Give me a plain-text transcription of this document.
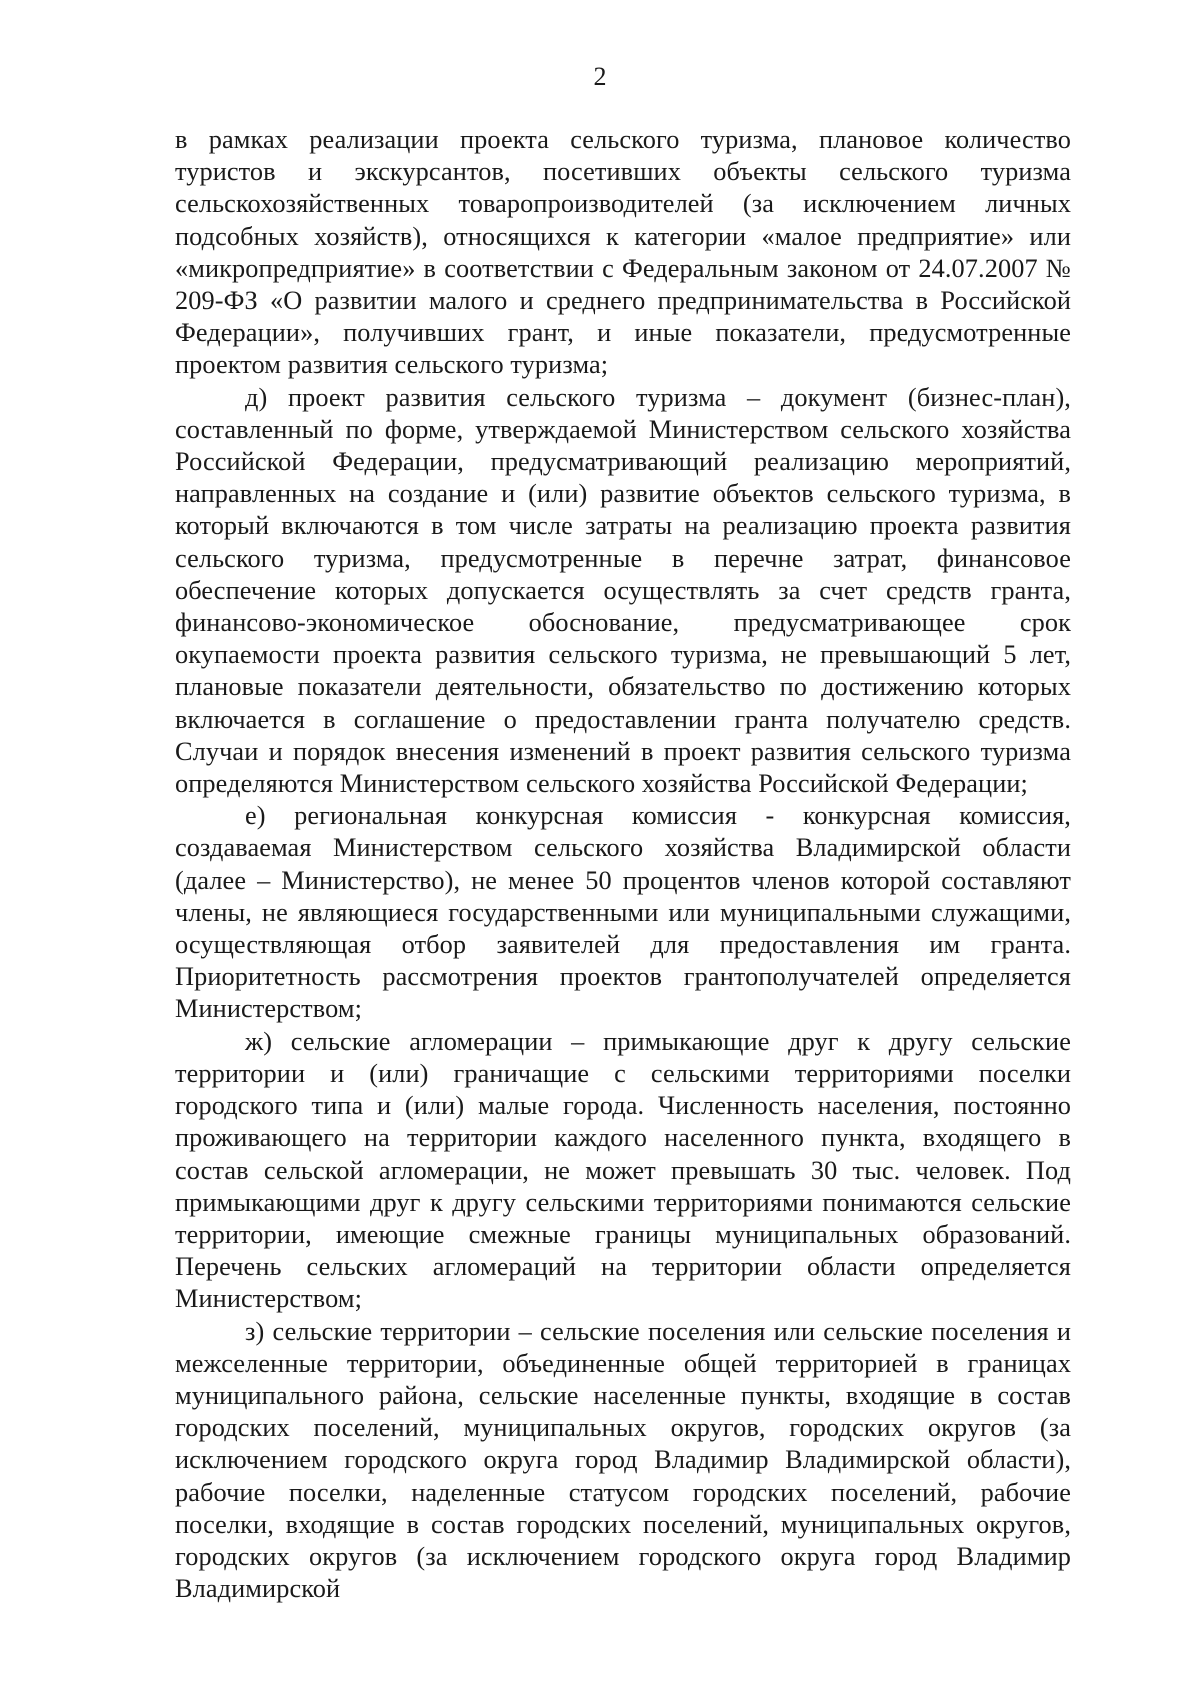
2

в рамках реализации проекта сельского туризма, плановое количество туристов и экскурсантов, посетивших объекты сельского туризма сельскохозяйственных товаропроизводителей (за исключением личных подсобных хозяйств), относящихся к категории «малое предприятие» или «микропредприятие» в соответствии с Федеральным законом от 24.07.2007 № 209-ФЗ «О развитии малого и среднего предпринимательства в Российской Федерации», получивших грант, и иные показатели, предусмотренные проектом развития сельского туризма;

д) проект развития сельского туризма – документ (бизнес-план), составленный по форме, утверждаемой Министерством сельского хозяйства Российской Федерации, предусматривающий реализацию мероприятий, направленных на создание и (или) развитие объектов сельского туризма, в который включаются в том числе затраты на реализацию проекта развития сельского туризма, предусмотренные в перечне затрат, финансовое обеспечение которых допускается осуществлять за счет средств гранта, финансово-экономическое обоснование, предусматривающее срок окупаемости проекта развития сельского туризма, не превышающий 5 лет, плановые показатели деятельности, обязательство по достижению которых включается в соглашение о предоставлении гранта получателю средств. Случаи и порядок внесения изменений в проект развития сельского туризма определяются Министерством сельского хозяйства Российской Федерации;

е) региональная конкурсная комиссия - конкурсная комиссия, создаваемая Министерством сельского хозяйства Владимирской области (далее – Министерство), не менее 50 процентов членов которой составляют члены, не являющиеся государственными или муниципальными служащими, осуществляющая отбор заявителей для предоставления им гранта. Приоритетность рассмотрения проектов грантополучателей определяется Министерством;

ж) сельские агломерации – примыкающие друг к другу сельские территории и (или) граничащие с сельскими территориями поселки городского типа и (или) малые города. Численность населения, постоянно проживающего на территории каждого населенного пункта, входящего в состав сельской агломерации, не может превышать 30 тыс. человек. Под примыкающими друг к другу сельскими территориями понимаются сельские территории, имеющие смежные границы муниципальных образований. Перечень сельских агломераций на территории области определяется Министерством;

з) сельские территории – сельские поселения или сельские поселения и межселенные территории, объединенные общей территорией в границах муниципального района, сельские населенные пункты, входящие в состав городских поселений, муниципальных округов, городских округов (за исключением городского округа город Владимир Владимирской области), рабочие поселки, наделенные статусом городских поселений, рабочие поселки, входящие в состав городских поселений, муниципальных округов, городских округов (за исключением городского округа город Владимир Владимирской
